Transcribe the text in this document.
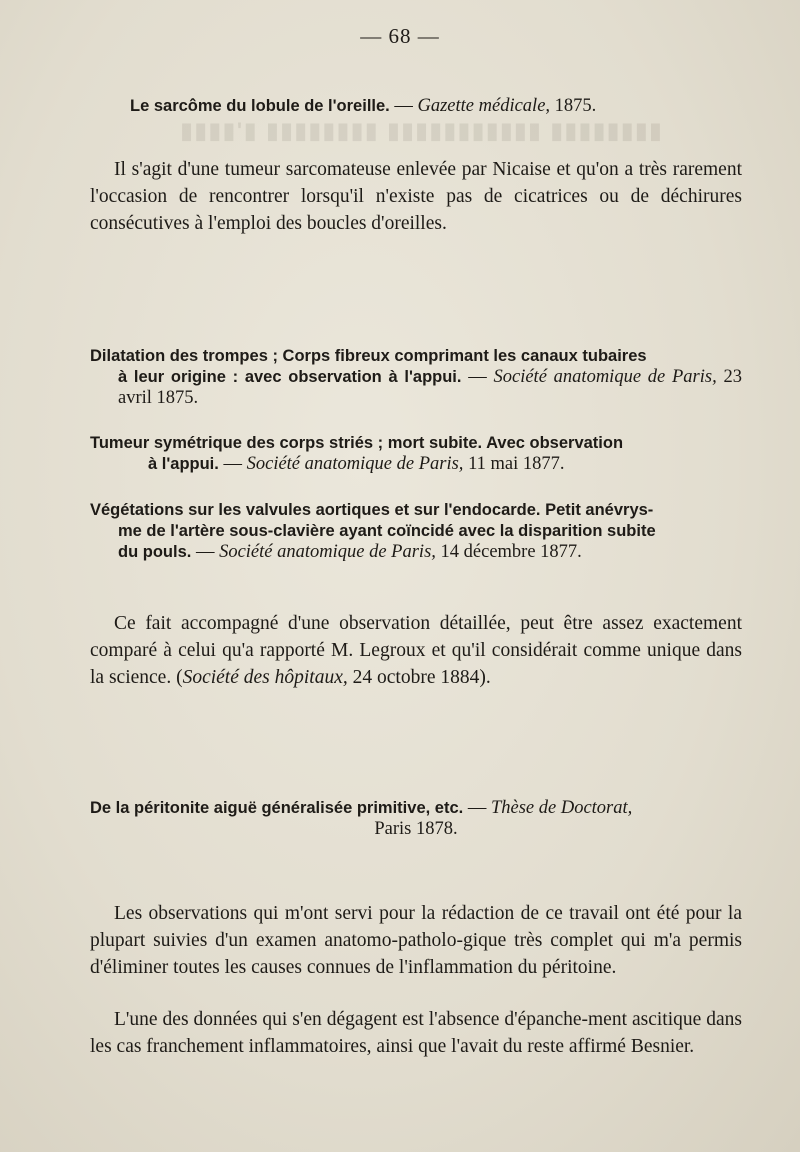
▮▮▮▮▮▮▮▮ ▮▮▮▮▮▮▮▮▮▮▮ ▮▮▮▮▮▮▮▮ ▮'▮▮▮▮
— 68 —
Le sarcôme du lobule de l'oreille. — Gazette médicale, 1875.
Il s'agit d'une tumeur sarcomateuse enlevée par Nicaise et qu'on a très rarement l'occasion de rencontrer lorsqu'il n'existe pas de cicatrices ou de déchirures consécutives à l'emploi des boucles d'oreilles.
Dilatation des trompes ; Corps fibreux comprimant les canaux tubaires
à leur origine : avec observation à l'appui. — Société anatomique de Paris, 23 avril 1875.
Tumeur symétrique des corps striés ; mort subite. Avec observation
à l'appui. — Société anatomique de Paris, 11 mai 1877.
Végétations sur les valvules aortiques et sur l'endocarde. Petit anévrys-
me de l'artère sous-clavière ayant coïncidé avec la disparition subite
du pouls. — Société anatomique de Paris, 14 décembre 1877.
Ce fait accompagné d'une observation détaillée, peut être assez exactement comparé à celui qu'a rapporté M. Legroux et qu'il considérait comme unique dans la science. (Société des hôpitaux, 24 octobre 1884).
De la péritonite aiguë généralisée primitive, etc. — Thèse de Doctorat,
Paris 1878.
Les observations qui m'ont servi pour la rédaction de ce travail ont été pour la plupart suivies d'un examen anatomo-patholo-gique très complet qui m'a permis d'éliminer toutes les causes connues de l'inflammation du péritoine.
L'une des données qui s'en dégagent est l'absence d'épanche-ment ascitique dans les cas franchement inflammatoires, ainsi que l'avait du reste affirmé Besnier.
